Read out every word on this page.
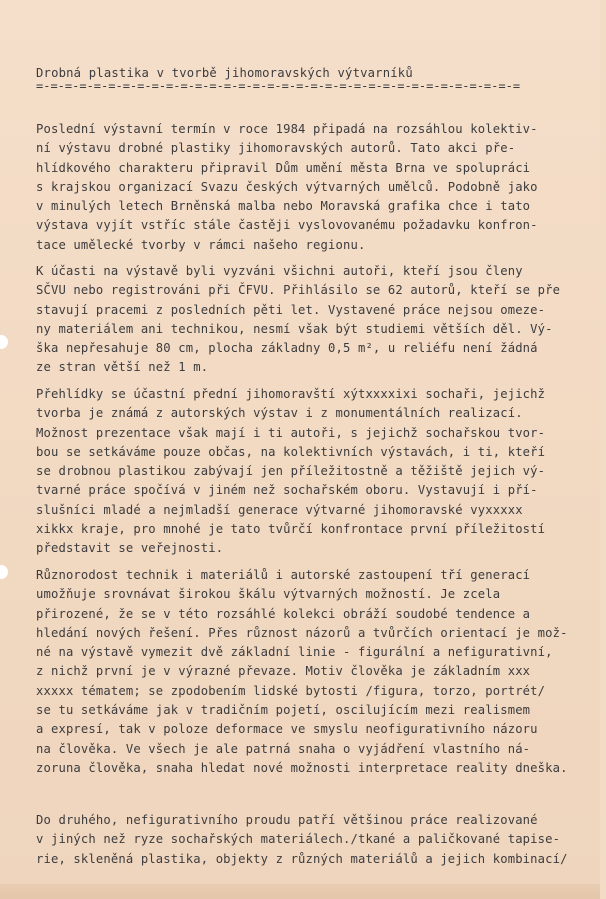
Drobná plastika v tvorbě jihomoravských výtvarníků
=-=-=-=-=-=-=-=-=-=-=-=-=-=-=-=-=-=-=-=-=-=-=-=-=-=-=-=-=-=-=-=-=-=
Poslední výstavní termín v roce 1984 připadá na rozsáhlou kolektiv-
ní výstavu drobné plastiky jihomoravských autorů. Tato akci pře-
hlídkového charakteru připravil Dům umění města Brna ve spolupráci
s krajskou organizací Svazu českých výtvarných umělců. Podobně jako
v minulých letech Brněnská malba nebo Moravská grafika chce i tato
výstava vyjít vstříc stále častěji vyslovovanému požadavku konfron-
tace umělecké tvorby v rámci našeho regionu.
K účasti na výstavě byli vyzváni všichni autoři, kteří jsou členy
SČVU nebo registrováni při ČFVU. Přihlásilo se 62 autorů, kteří se pře
stavují pracemi z posledních pěti let. Vystavené práce nejsou omeze-
ny materiálem ani technikou, nesmí však být studiemi větších děl. Vý-
ška nepřesahuje 80 cm, plocha základny 0,5 m², u reliéfu není žádná
ze stran větší než 1 m.
Přehlídky se účastní přední jihomoravští xýtxxxxixi sochaři, jejichž
tvorba je známá z autorských výstav i z monumentálních realizací.
Možnost prezentace však mají i ti autoři, s jejichž sochařskou tvor-
bou se setkáváme pouze občas, na kolektivních výstavách, i ti, kteří
se drobnou plastikou zabývají jen příležitostně a těžiště jejich vý-
tvarné práce spočívá v jiném než sochařském oboru. Vystavují i pří-
slušníci mladé a nejmladší generace výtvarné jihomoravské vyxxxxx
xikkx kraje, pro mnohé je tato tvůrčí konfrontace první příležitostí
představit se veřejnosti.
Různorodost technik i materiálů i autorské zastoupení tří generací
umožňuje srovnávat širokou škálu výtvarných možností. Je zcela
přirozené, že se v této rozsáhlé kolekci obráží soudobé tendence a
hledání nových řešení. Přes různost názorů a tvůrčích orientací je mož-
né na výstavě vymezit dvě základní linie - figurální a nefigurativní,
z nichž první je v výrazné převaze. Motiv člověka je základním xxx
xxxxx tématem; se zpodobením lidské bytosti /figura, torzo, portrét/
se tu setkáváme jak v tradičním pojetí, oscilujícím mezi realismem
a expresí, tak v poloze deformace ve smyslu neofigurativního názoru
na člověka. Ve všech je ale patrná snaha o vyjádření vlastního ná-
zoruna člověka, snaha hledat nové možnosti interpretace reality dneška.
Do druhého, nefigurativního proudu patří většinou práce realizované
v jiných než ryze sochařských materiálech./tkané a paličkované tapise-
rie, skleněná plastika, objekty z různých materiálů a jejich kombinací/
